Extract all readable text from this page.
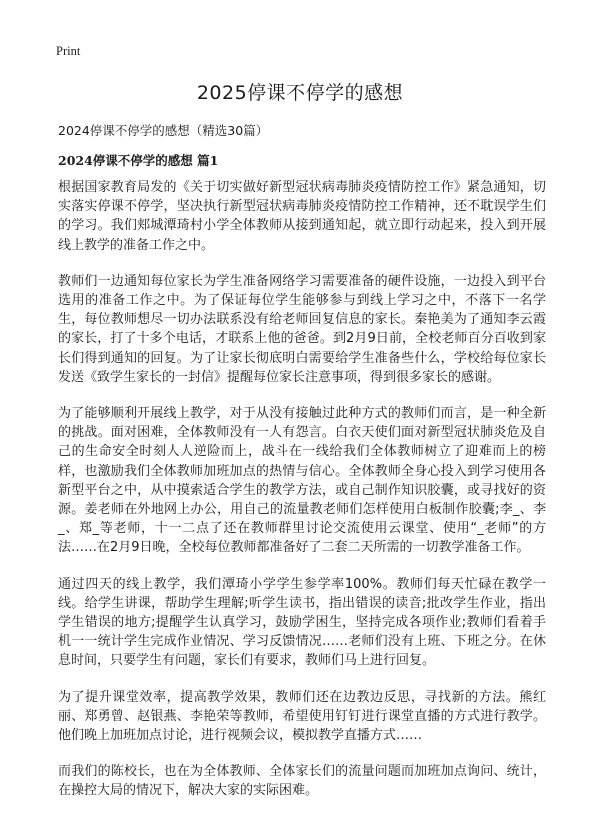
Print
2025停课不停学的感想

2024停课不停学的感想（精选30篇）

2024停课不停学的感想 篇1

根据国家教育局发的《关于切实做好新型冠状病毒肺炎疫情防控工作》紧急通知，切实落实停课不停学，坚决执行新型冠状病毒肺炎疫情防控工作精神，还不耽误学生们的学习。我们郏城潭琦村小学全体教师从接到通知起，就立即行动起来，投入到开展线上教学的准备工作之中。

教师们一边通知每位家长为学生准备网络学习需要准备的硬件设施，一边投入到平台选用的准备工作之中。为了保证每位学生能够参与到线上学习之中，不落下一名学生，每位教师想尽一切办法联系没有给老师回复信息的家长。秦艳美为了通知李云霞的家长，打了十多个电话，才联系上他的爸爸。到2月9日前，全校老师百分百收到家长们得到通知的回复。为了让家长彻底明白需要给学生准备些什么，学校给每位家长发送《致学生家长的一封信》提醒每位家长注意事项，得到很多家长的感谢。

为了能够顺利开展线上教学，对于从没有接触过此种方式的教师们而言，是一种全新的挑战。面对困难，全体教师没有一人有怨言。白衣天使们面对新型冠状肺炎危及自己的生命安全时刻人人逆险而上，战斗在一线给我们全体教师树立了迎难而上的榜样，也激励我们全体教师加班加点的热情与信心。全体教师全身心投入到学习使用各新型平台之中，从中摸索适合学生的教学方法，或自己制作知识胶囊，或寻找好的资源。姜老师在外地网上办公，用自己的流量教老师们怎样使用白板制作胶囊;李_、李_、郑_等老师，十一二点了还在教师群里讨论交流使用云课堂、使用“_老师”的方法……在2月9日晚，全校每位教师都准备好了二套二天所需的一切教学准备工作。

通过四天的线上教学，我们潭琦小学学生参学率100%。教师们每天忙碌在教学一线。给学生讲课，帮助学生理解;听学生读书，指出错误的读音;批改学生作业，指出学生错误的地方;提醒学生认真学习，鼓励学困生，坚持完成各项作业;教师们看着手机一一统计学生完成作业情况、学习反馈情况……老师们没有上班、下班之分。在休息时间，只要学生有问题，家长们有要求，教师们马上进行回复。

为了提升课堂效率，提高教学效果，教师们还在边教边反思，寻找新的方法。熊红丽、郑勇曾、赵银燕、李艳荣等教师，希望使用钉钉进行课堂直播的方式进行教学。他们晚上加班加点讨论，进行视频会议，模拟教学直播方式……

而我们的陈校长，也在为全体教师、全体家长们的流量问题而加班加点询问、统计，在操控大局的情况下，解决大家的实际困难。
